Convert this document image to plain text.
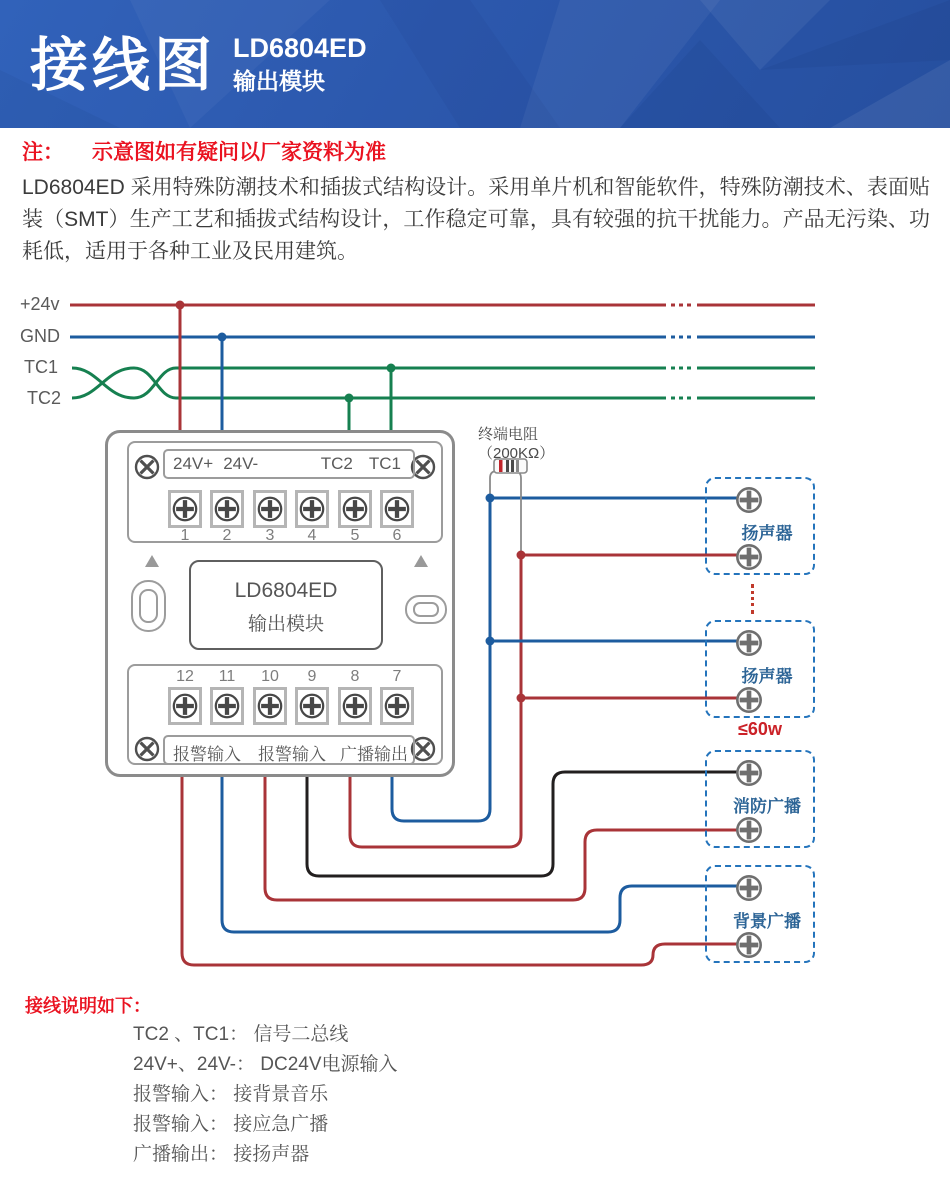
接线图 LD6804ED
输出模块
注： 示意图如有疑问以厂家资料为准
LD6804ED 采用特殊防潮技术和插拔式结构设计。采用单片机和智能软件，特殊防潮技术、表面贴装（SMT）生产工艺和插拔式结构设计，工作稳定可靠，具有较强的抗干扰能力。产品无污染、功耗低，适用于各种工业及民用建筑。
+24v
GND
TC1
TC2
终端电阻
（200KΩ）
24V+ 24V-	TC2 TC1
1	2	3	4	5	6
LD6804ED
输出模块
12	11	10	9	8	7
报警输入 报警输入 广播输出
扬声器
扬声器
≤60w
消防广播
背景广播
接线说明如下：
TC2 、TC1： 信号二总线
24V+、24V-： DC24V电源输入
报警输入： 接背景音乐
报警输入： 接应急广播
广播输出： 接扬声器
